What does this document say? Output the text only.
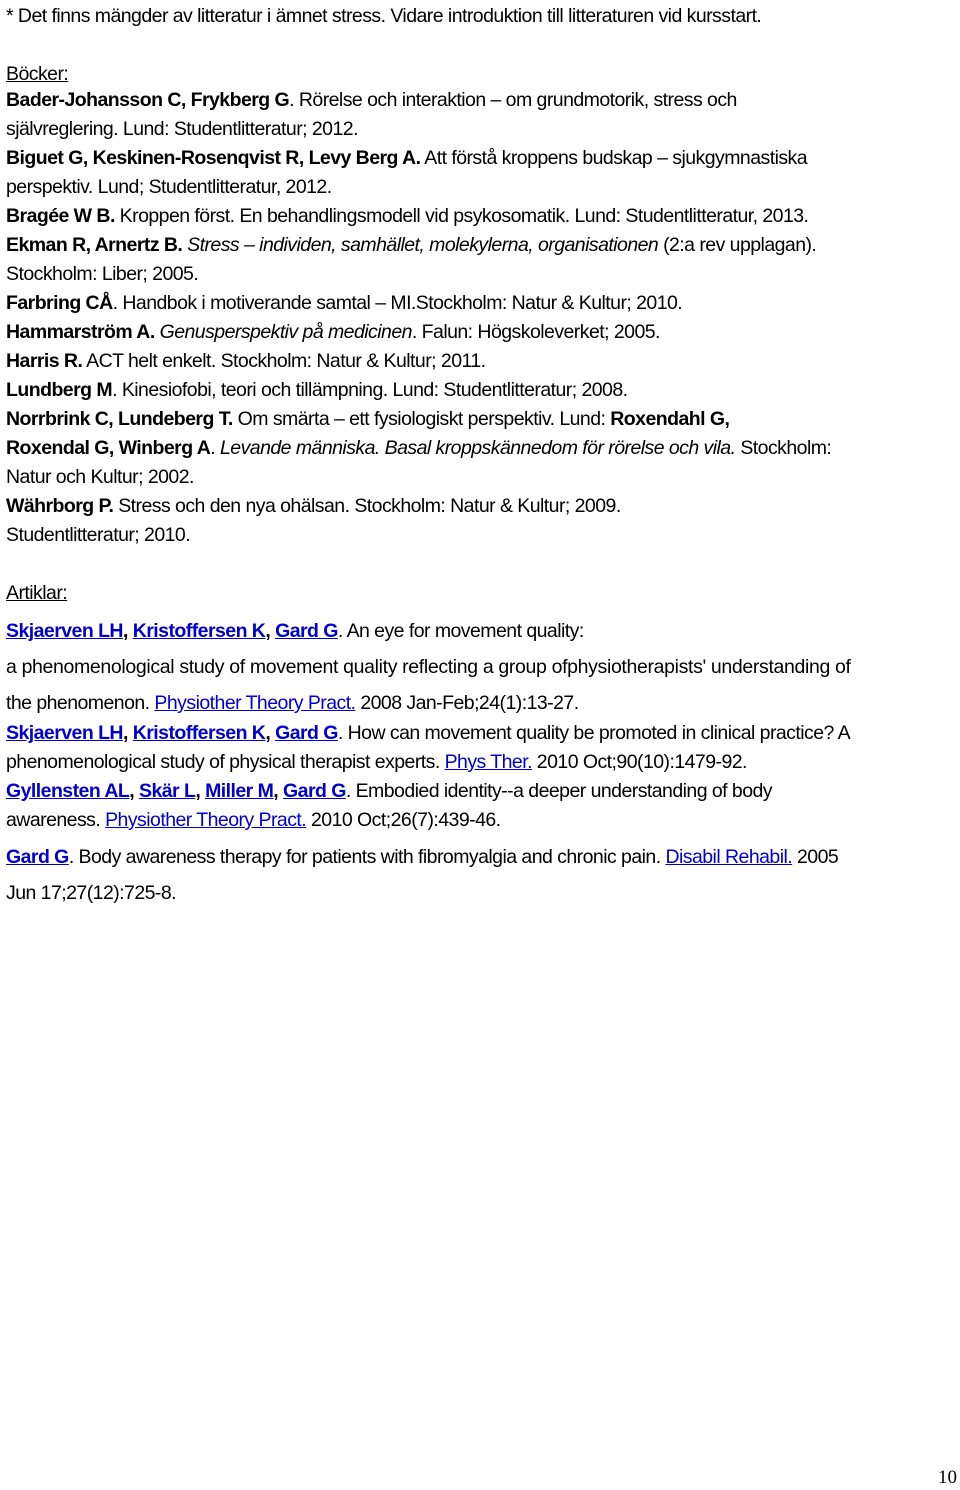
* Det finns mängder av litteratur i ämnet stress. Vidare introduktion till litteraturen vid kursstart.
Böcker:
Bader-Johansson C, Frykberg G. Rörelse och interaktion – om grundmotorik, stress och
självreglering. Lund: Studentlitteratur; 2012.
Biguet G, Keskinen-Rosenqvist R, Levy Berg A. Att förstå kroppens budskap – sjukgymnastiska
perspektiv. Lund; Studentlitteratur, 2012.
Bragée W B. Kroppen först. En behandlingsmodell vid psykosomatik. Lund: Studentlitteratur, 2013.
Ekman R, Arnertz B. Stress – individen, samhället, molekylerna, organisationen (2:a rev upplagan).
Stockholm: Liber; 2005.
Farbring CÅ. Handbok i motiverande samtal – MI.Stockholm: Natur & Kultur; 2010.
Hammarström A. Genusperspektiv på medicinen. Falun: Högskoleverket; 2005.
Harris R. ACT helt enkelt. Stockholm: Natur & Kultur; 2011.
Lundberg M. Kinesiofobi, teori och tillämpning. Lund: Studentlitteratur; 2008.
Norrbrink C, Lundeberg T. Om smärta – ett fysiologiskt perspektiv. Lund: Roxendahl G,
Roxendal G, Winberg A. Levande människa. Basal kroppskännedom för rörelse och vila. Stockholm:
Natur och Kultur; 2002.
Währborg P. Stress och den nya ohälsan. Stockholm: Natur & Kultur; 2009.
Studentlitteratur; 2010.
Artiklar:
Skjaerven LH, Kristoffersen K, Gard G. An eye for movement quality:
a phenomenological study of movement quality reflecting a group ofphysiotherapists' understanding of
the phenomenon. Physiother Theory Pract. 2008 Jan-Feb;24(1):13-27.
Skjaerven LH, Kristoffersen K, Gard G. How can movement quality be promoted in clinical practice? A
phenomenological study of physical therapist experts. Phys Ther. 2010 Oct;90(10):1479-92.
Gyllensten AL, Skär L, Miller M, Gard G. Embodied identity--a deeper understanding of body
awareness. Physiother Theory Pract. 2010 Oct;26(7):439-46.
Gard G. Body awareness therapy for patients with fibromyalgia and chronic pain. Disabil Rehabil. 2005
Jun 17;27(12):725-8.
10
